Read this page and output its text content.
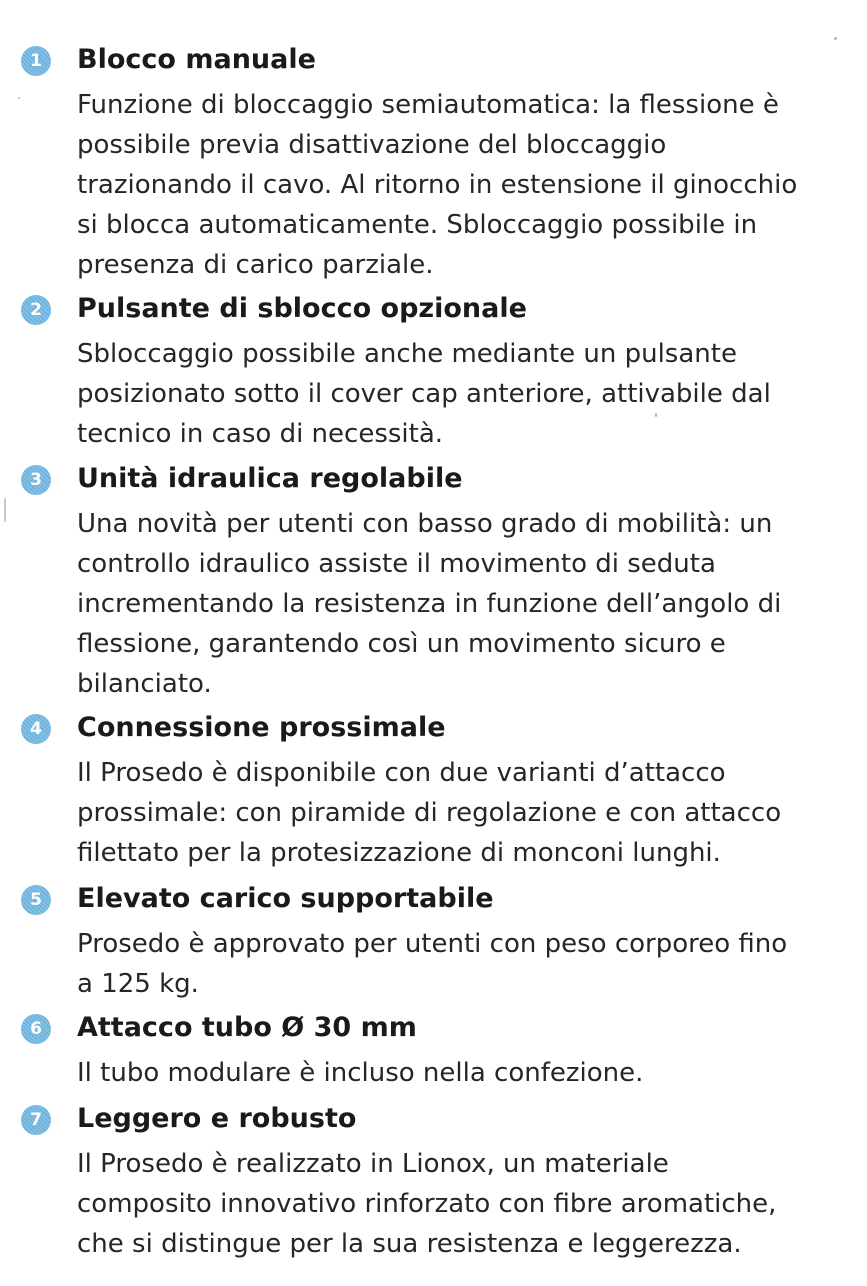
1	Blocco manuale

Funzione di bloccaggio semiautomatica: la flessione è
possibile previa disattivazione del bloccaggio
trazionando il cavo. Al ritorno in estensione il ginocchio
si blocca automaticamente. Sbloccaggio possibile in
presenza di carico parziale.

2	Pulsante di sblocco opzionale

Sbloccaggio possibile anche mediante un pulsante
posizionato sotto il cover cap anteriore, attivabile dal
tecnico in caso di necessità.

3	Unità idraulica regolabile

Una novità per utenti con basso grado di mobilità: un
controllo idraulico assiste il movimento di seduta
incrementando la resistenza in funzione dell’angolo di
flessione, garantendo così un movimento sicuro e
bilanciato.

4	Connessione prossimale

Il Prosedo è disponibile con due varianti d’attacco
prossimale: con piramide di regolazione e con attacco
filettato per la protesizzazione di monconi lunghi.

5	Elevato carico supportabile

Prosedo è approvato per utenti con peso corporeo fino
a 125 kg.

6	Attacco tubo Ø 30 mm

Il tubo modulare è incluso nella confezione.

7	Leggero e robusto

Il Prosedo è realizzato in Lionox, un materiale
composito innovativo rinforzato con fibre aromatiche,
che si distingue per la sua resistenza e leggerezza.
